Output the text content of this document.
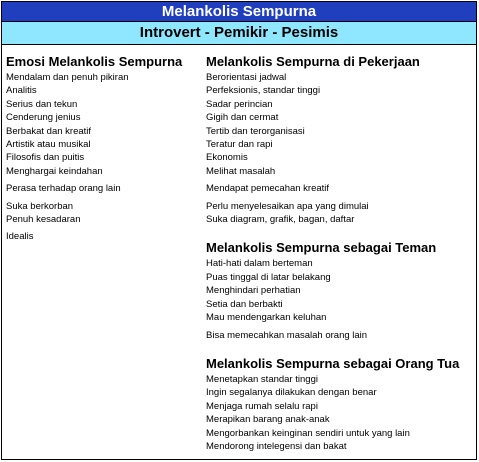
Melankolis Sempurna
Introvert - Pemikir - Pesimis
Emosi Melankolis Sempurna
Mendalam dan penuh pikiran
Analitis
Serius dan tekun
Cenderung jenius
Berbakat dan kreatif
Artistik atau musikal
Filosofis dan puitis
Menghargai keindahan
Perasa terhadap orang lain
Suka berkorban
Penuh kesadaran
Idealis
Melankolis Sempurna di Pekerjaan
Berorientasi jadwal
Perfeksionis, standar tinggi
Sadar perincian
Gigih dan cermat
Tertib dan terorganisasi
Teratur dan rapi
Ekonomis
Melihat masalah
Mendapat pemecahan kreatif
Perlu menyelesaikan apa yang dimulai
Suka diagram, grafik, bagan, daftar
Melankolis Sempurna sebagai Teman
Hati-hati dalam berteman
Puas tinggal di latar belakang
Menghindari perhatian
Setia dan berbakti
Mau mendengarkan keluhan
Bisa memecahkan masalah orang lain
Melankolis Sempurna sebagai Orang Tua
Menetapkan standar tinggi
Ingin segalanya dilakukan dengan benar
Menjaga rumah selalu rapi
Merapikan barang anak-anak
Mengorbankan keinginan sendiri untuk yang lain
Mendorong intelegensi dan bakat
